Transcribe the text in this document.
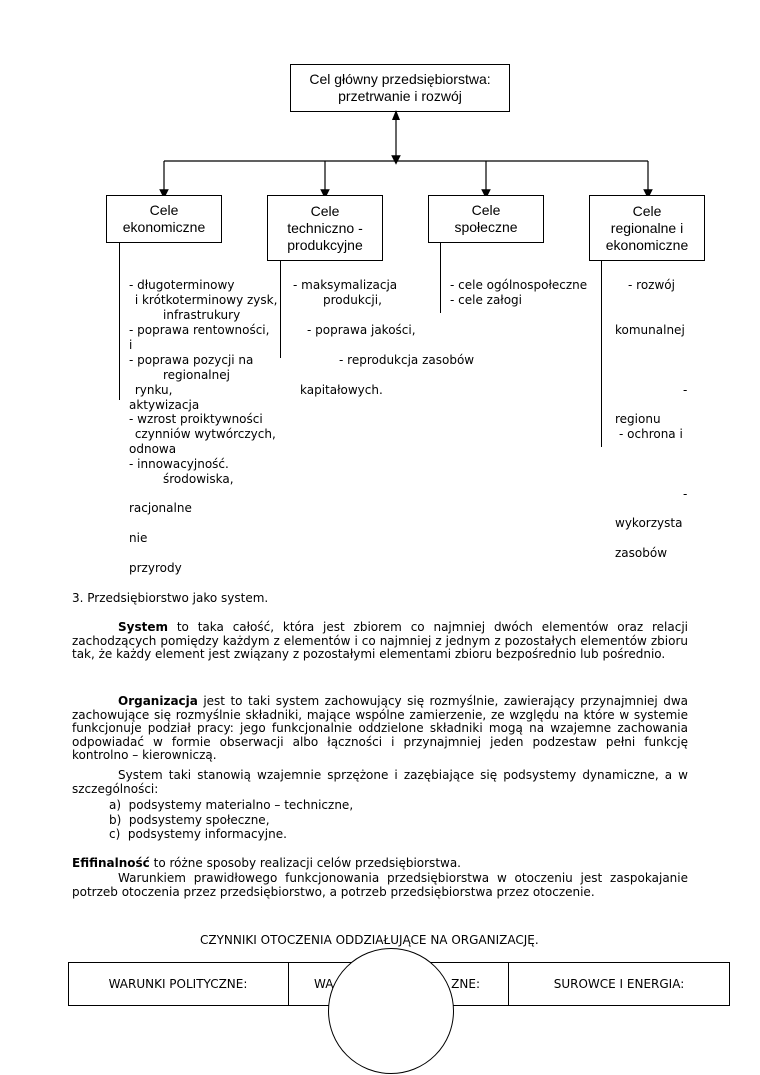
Cel główny przedsiębiorstwa:
przetrwanie i rozwój
Cele
ekonomiczne
Cele
techniczno -
produkcyjne
Cele
społeczne
Cele
regionalne i
ekonomiczne
- długoterminowy
i krótkoterminowy zysk,
- poprawa rentowności,
i
- poprawa pozycji na
rynku,
aktywizacja
- wzrost proiktywności
czynniów wytwórczych,
odnowa
- innowacyjność.
racjonalne
nie
przyrody
- maksymalizacja
produkcji,
infrastrukury
- poprawa jakości,
- reprodukcja zasobów
regionalnej
kapitałowych.
środowiska,
- cele ogólnospołeczne
- cele załogi
- rozwój
komunalnej
-
regionu
- ochrona i
-
wykorzysta
zasobów
3. Przedsiębiorstwo jako system.
System to taka całość, która jest zbiorem co najmniej dwóch elementów oraz relacji zachodzących pomiędzy każdym z elementów i co najmniej z jednym z pozostałych elementów zbioru tak, że każdy element jest związany z pozostałymi elementami zbioru bezpośrednio lub pośrednio.
Organizacja jest to taki system zachowujący się rozmyślnie, zawierający przynajmniej dwa zachowujące się rozmyślnie składniki, mające wspólne zamierzenie, ze względu na które w systemie funkcjonuje podział pracy: jego funkcjonalnie oddzielone składniki mogą na wzajemne zachowania odpowiadać w formie obserwacji albo łączności i przynajmniej jeden podzestaw pełni funkcję kontrolno – kierowniczą.
System taki stanowią wzajemnie sprzężone i zazębiające się podsystemy dynamiczne, a w szczególności:
a)  podsystemy materialno – techniczne,
b)  podsystemy społeczne,
c)  podsystemy informacyjne.
Efifinalność to różne sposoby realizacji celów przedsiębiorstwa.
Warunkiem prawidłowego funkcjonowania przedsiębiorstwa w otoczeniu jest zaspokajanie potrzeb otoczenia przez przedsiębiorstwo, a potrzeb przedsiębiorstwa przez otoczenie.
CZYNNIKI OTOCZENIA ODDZIAŁUJĄCE NA ORGANIZACJĘ.
WARUNKI POLITYCZNE:	WA	ZNE:	SUROWCE I ENERGIA:
